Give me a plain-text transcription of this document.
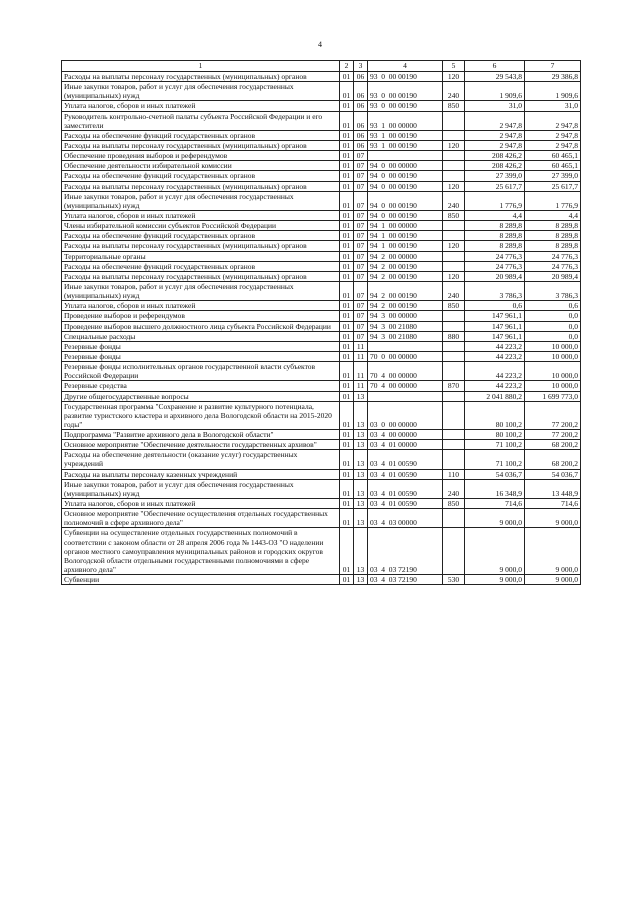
4
1	2	3	4	5	6	7
Расходы на выплаты персоналу государственных (муниципальных) органов	01	06	93  0  00 00190	120	29 543,8	29 386,8
Иные закупки товаров, работ и услуг для обеспечения государственных (муниципальных) нужд	01	06	93  0  00 00190	240	1 909,6	1 909,6
Уплата налогов, сборов и иных платежей	01	06	93  0  00 00190	850	31,0	31,0
Руководитель контрольно-счетной палаты субъекта Российской Федерации и его заместители	01	06	93  1  00 00000		2 947,8	2 947,8
Расходы на обеспечение функций государственных органов	01	06	93  1  00 00190		2 947,8	2 947,8
Расходы на выплаты персоналу государственных (муниципальных) органов	01	06	93  1  00 00190	120	2 947,8	2 947,8
Обеспечение проведения выборов и референдумов	01	07			208 426,2	60 465,1
Обеспечение деятельности избирательной комиссии	01	07	94  0  00 00000		208 426,2	60 465,1
Расходы на обеспечение функций государственных органов	01	07	94  0  00 00190		27 399,0	27 399,0
Расходы на выплаты персоналу государственных (муниципальных) органов	01	07	94  0  00 00190	120	25 617,7	25 617,7
Иные закупки товаров, работ и услуг для обеспечения государственных (муниципальных) нужд	01	07	94  0  00 00190	240	1 776,9	1 776,9
Уплата налогов, сборов и иных платежей	01	07	94  0  00 00190	850	4,4	4,4
Члены избирательной комиссии субъектов Российской Федерации	01	07	94  1  00 00000		8 289,8	8 289,8
Расходы на обеспечение функций государственных органов	01	07	94  1  00 00190		8 289,8	8 289,8
Расходы на выплаты персоналу государственных (муниципальных) органов	01	07	94  1  00 00190	120	8 289,8	8 289,8
Территориальные органы	01	07	94  2  00 00000		24 776,3	24 776,3
Расходы на обеспечение функций государственных органов	01	07	94  2  00 00190		24 776,3	24 776,3
Расходы на выплаты персоналу государственных (муниципальных) органов	01	07	94  2  00 00190	120	20 989,4	20 989,4
Иные закупки товаров, работ и услуг для обеспечения государственных (муниципальных) нужд	01	07	94  2  00 00190	240	3 786,3	3 786,3
Уплата налогов, сборов и иных платежей	01	07	94  2  00 00190	850	0,6	0,6
Проведение выборов и референдумов	01	07	94  3  00 00000		147 961,1	0,0
Проведение выборов высшего должностного лица субъекта Российской Федерации	01	07	94  3  00 21080		147 961,1	0,0
Специальные расходы	01	07	94  3  00 21080	880	147 961,1	0,0
Резервные фонды	01	11			44 223,2	10 000,0
Резервные фонды	01	11	70  0  00 00000		44 223,2	10 000,0
Резервные фонды исполнительных органов государственной власти субъектов Российской Федерации	01	11	70  4  00 00000		44 223,2	10 000,0
Резервные средства	01	11	70  4  00 00000	870	44 223,2	10 000,0
Другие общегосударственные вопросы	01	13			2 041 880,2	1 699 773,0
Государственная программа "Сохранение и развитие культурного потенциала, развитие туристского кластера и архивного дела Вологодской области на 2015-2020 годы"	01	13	03  0  00 00000		80 100,2	77 200,2
Подпрограмма "Развитие архивного дела в Вологодской области"	01	13	03  4  00 00000		80 100,2	77 200,2
Основное мероприятие "Обеспечение деятельности государственных архивов"	01	13	03  4  01 00000		71 100,2	68 200,2
Расходы на обеспечение деятельности (оказание услуг) государственных учреждений	01	13	03  4  01 00590		71 100,2	68 200,2
Расходы на выплаты персоналу казенных учреждений	01	13	03  4  01 00590	110	54 036,7	54 036,7
Иные закупки товаров, работ и услуг для обеспечения государственных (муниципальных) нужд	01	13	03  4  01 00590	240	16 348,9	13 448,9
Уплата налогов, сборов и иных платежей	01	13	03  4  01 00590	850	714,6	714,6
Основное мероприятие "Обеспечение осуществления отдельных государственных полномочий в сфере архивного дела"	01	13	03  4  03 00000		9 000,0	9 000,0
Субвенции на осуществление отдельных государственных полномочий в соответствии с законом области от 28 апреля 2006 года № 1443-ОЗ "О наделении органов местного самоуправления муниципальных районов и городских округов Вологодской области отдельными государственными полномочиями в сфере архивного дела"	01	13	03  4  03 72190		9 000,0	9 000,0
Субвенции	01	13	03  4  03 72190	530	9 000,0	9 000,0
